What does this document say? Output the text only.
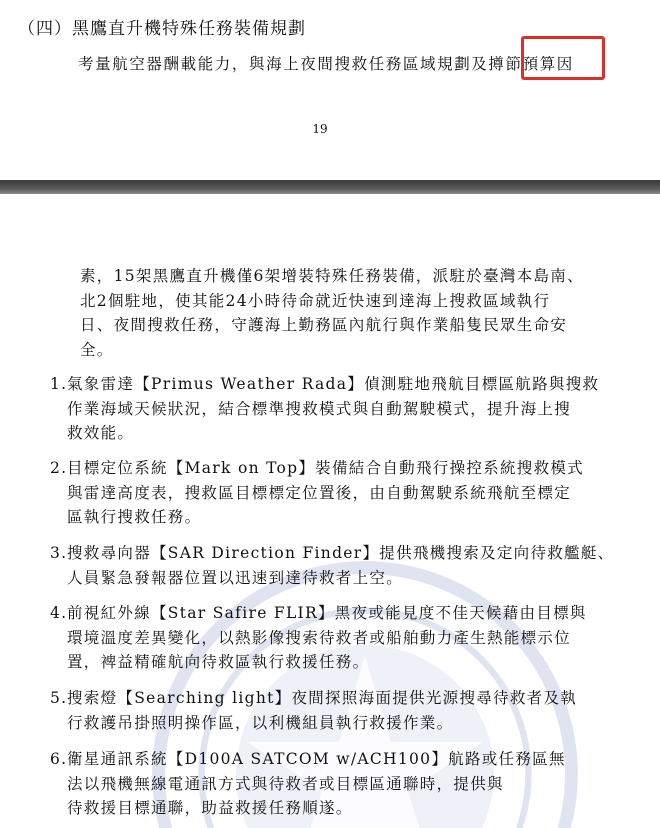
（四）黑鷹直升機特殊任務裝備規劃
考量航空器酬載能力，與海上夜間搜救任務區域規劃及撙節預算因
19
素，15架黑鷹直升機僅6架增裝特殊任務裝備，派駐於臺灣本島南、
北2個駐地，使其能24小時待命就近快速到達海上搜救區域執行
日、夜間搜救任務，守護海上勤務區內航行與作業船隻民眾生命安
全。
1. 氣象雷達【Primus Weather Rada】偵測駐地飛航目標區航路與搜救
作業海域天候狀況，結合標準搜救模式與自動駕駛模式，提升海上搜
救效能。
2. 目標定位系統【Mark on Top】裝備結合自動飛行操控系統搜救模式
與雷達高度表，搜救區目標標定位置後，由自動駕駛系統飛航至標定
區執行搜救任務。
3. 搜救尋向器【SAR Direction Finder】提供飛機搜索及定向待救艦艇、
人員緊急發報器位置以迅速到達待救者上空。
4. 前視紅外線【Star Safire FLIR】黑夜或能見度不佳天候藉由目標與
環境溫度差異變化，以熱影像搜索待救者或船舶動力產生熱能標示位
置，裨益精確航向待救區執行救援任務。
5. 搜索燈【Searching light】夜間探照海面提供光源搜尋待救者及執
行救護吊掛照明操作區，以利機組員執行救援作業。
6. 衛星通訊系統【D100A SATCOM w/ACH100】航路或任務區無
法以飛機無線電通訊方式與待救者或目標區通聯時，提供與
待救援目標通聯，助益救援任務順遂。
